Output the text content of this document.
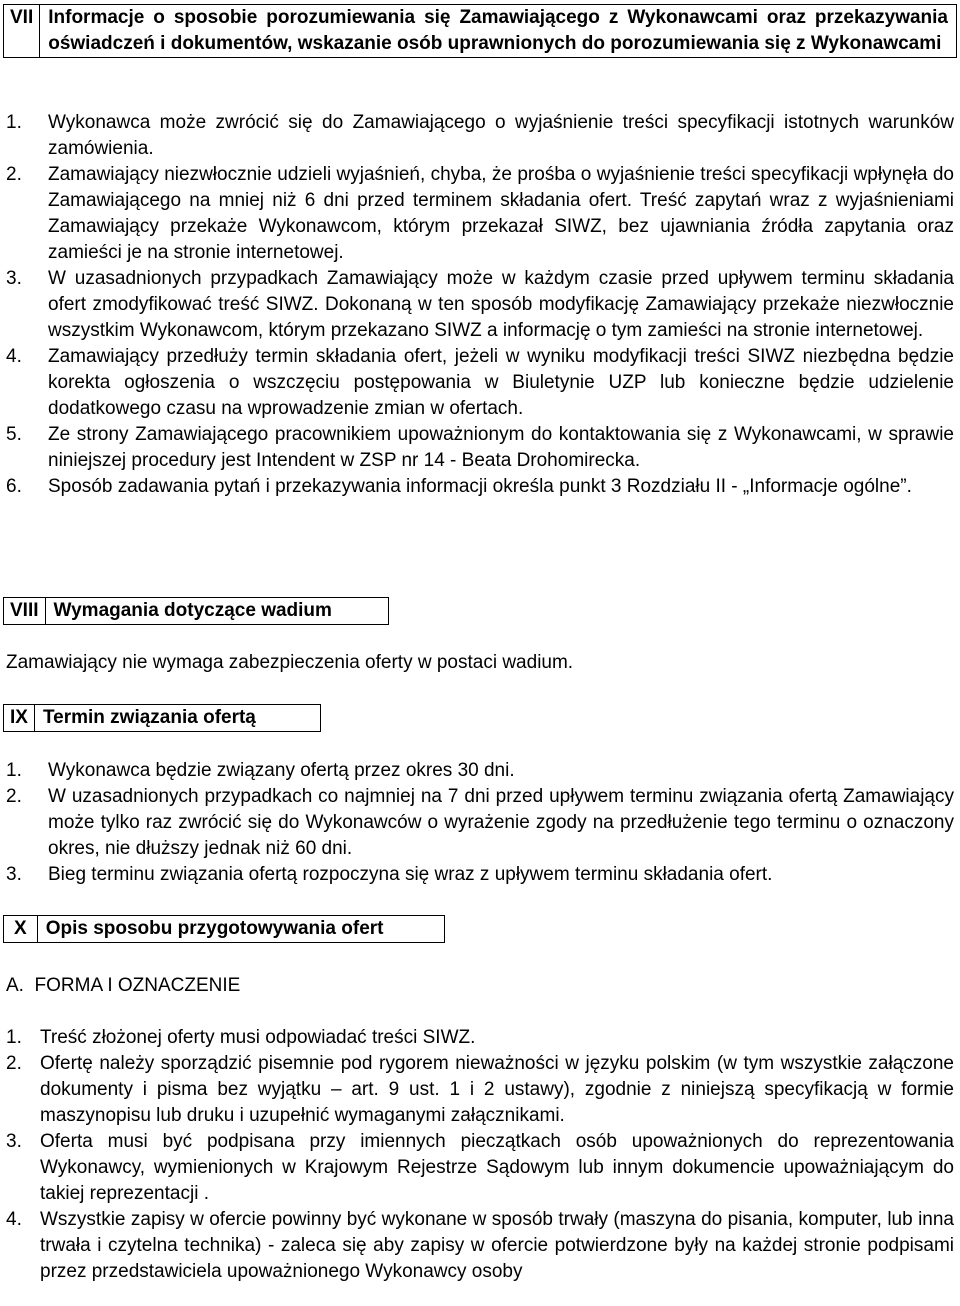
VII Informacje o sposobie porozumiewania się Zamawiającego z Wykonawcami oraz przekazywania oświadczeń i dokumentów, wskazanie osób uprawnionych do porozumiewania się z Wykonawcami
1.	Wykonawca może zwrócić się do Zamawiającego o wyjaśnienie treści specyfikacji istotnych warunków zamówienia.
2.	Zamawiający niezwłocznie udzieli wyjaśnień, chyba, że prośba o wyjaśnienie treści specyfikacji wpłynęła do Zamawiającego na mniej niż 6 dni przed terminem składania ofert. Treść zapytań wraz z wyjaśnieniami Zamawiający przekaże Wykonawcom, którym przekazał SIWZ, bez ujawniania źródła zapytania oraz zamieści je na stronie internetowej.
3.	W uzasadnionych przypadkach Zamawiający może w każdym czasie przed upływem terminu składania ofert zmodyfikować treść SIWZ. Dokonaną w ten sposób modyfikację Zamawiający przekaże niezwłocznie wszystkim Wykonawcom, którym przekazano SIWZ a informację o tym zamieści na stronie internetowej.
4.	Zamawiający przedłuży termin składania ofert, jeżeli w wyniku modyfikacji treści SIWZ niezbędna będzie korekta ogłoszenia o wszczęciu postępowania w Biuletynie UZP lub konieczne będzie udzielenie dodatkowego czasu na wprowadzenie zmian w ofertach.
5.	Ze strony Zamawiającego pracownikiem upoważnionym do kontaktowania się z Wykonawcami, w sprawie niniejszej procedury jest Intendent w ZSP nr 14 - Beata Drohomirecka.
6.	Sposób zadawania pytań i przekazywania informacji określa punkt 3 Rozdziału II - „Informacje ogólne”.
VIII Wymagania dotyczące wadium

Zamawiający nie wymaga zabezpieczenia oferty w postaci wadium.

IX Termin związania ofertą
1.	Wykonawca będzie związany ofertą przez okres 30 dni.
2.	W uzasadnionych przypadkach co najmniej na 7 dni przed upływem terminu związania ofertą Zamawiający może tylko raz zwrócić się do Wykonawców o wyrażenie zgody na przedłużenie tego terminu o oznaczony okres, nie dłuższy jednak niż 60 dni.
3.	Bieg terminu związania ofertą rozpoczyna się wraz z upływem terminu składania ofert.
X	Opis sposobu przygotowywania ofert

A.  FORMA I OZNACZENIE

1. Treść złożonej oferty musi odpowiadać treści SIWZ.
2. Ofertę należy sporządzić pisemnie pod rygorem nieważności w języku polskim (w tym wszystkie załączone dokumenty i pisma bez wyjątku – art. 9 ust. 1 i 2 ustawy), zgodnie z niniejszą specyfikacją w formie maszynopisu lub druku i uzupełnić wymaganymi załącznikami.
3. Oferta musi być podpisana przy imiennych pieczątkach osób upoważnionych do reprezentowania Wykonawcy, wymienionych w Krajowym Rejestrze Sądowym lub innym dokumencie upoważniającym do takiej reprezentacji .
4. Wszystkie zapisy w ofercie powinny być wykonane w sposób trwały (maszyna do pisania, komputer, lub inna trwała i czytelna technika) - zaleca się aby zapisy w ofercie potwierdzone były na każdej stronie podpisami przez przedstawiciela upoważnionego Wykonawcy osoby
